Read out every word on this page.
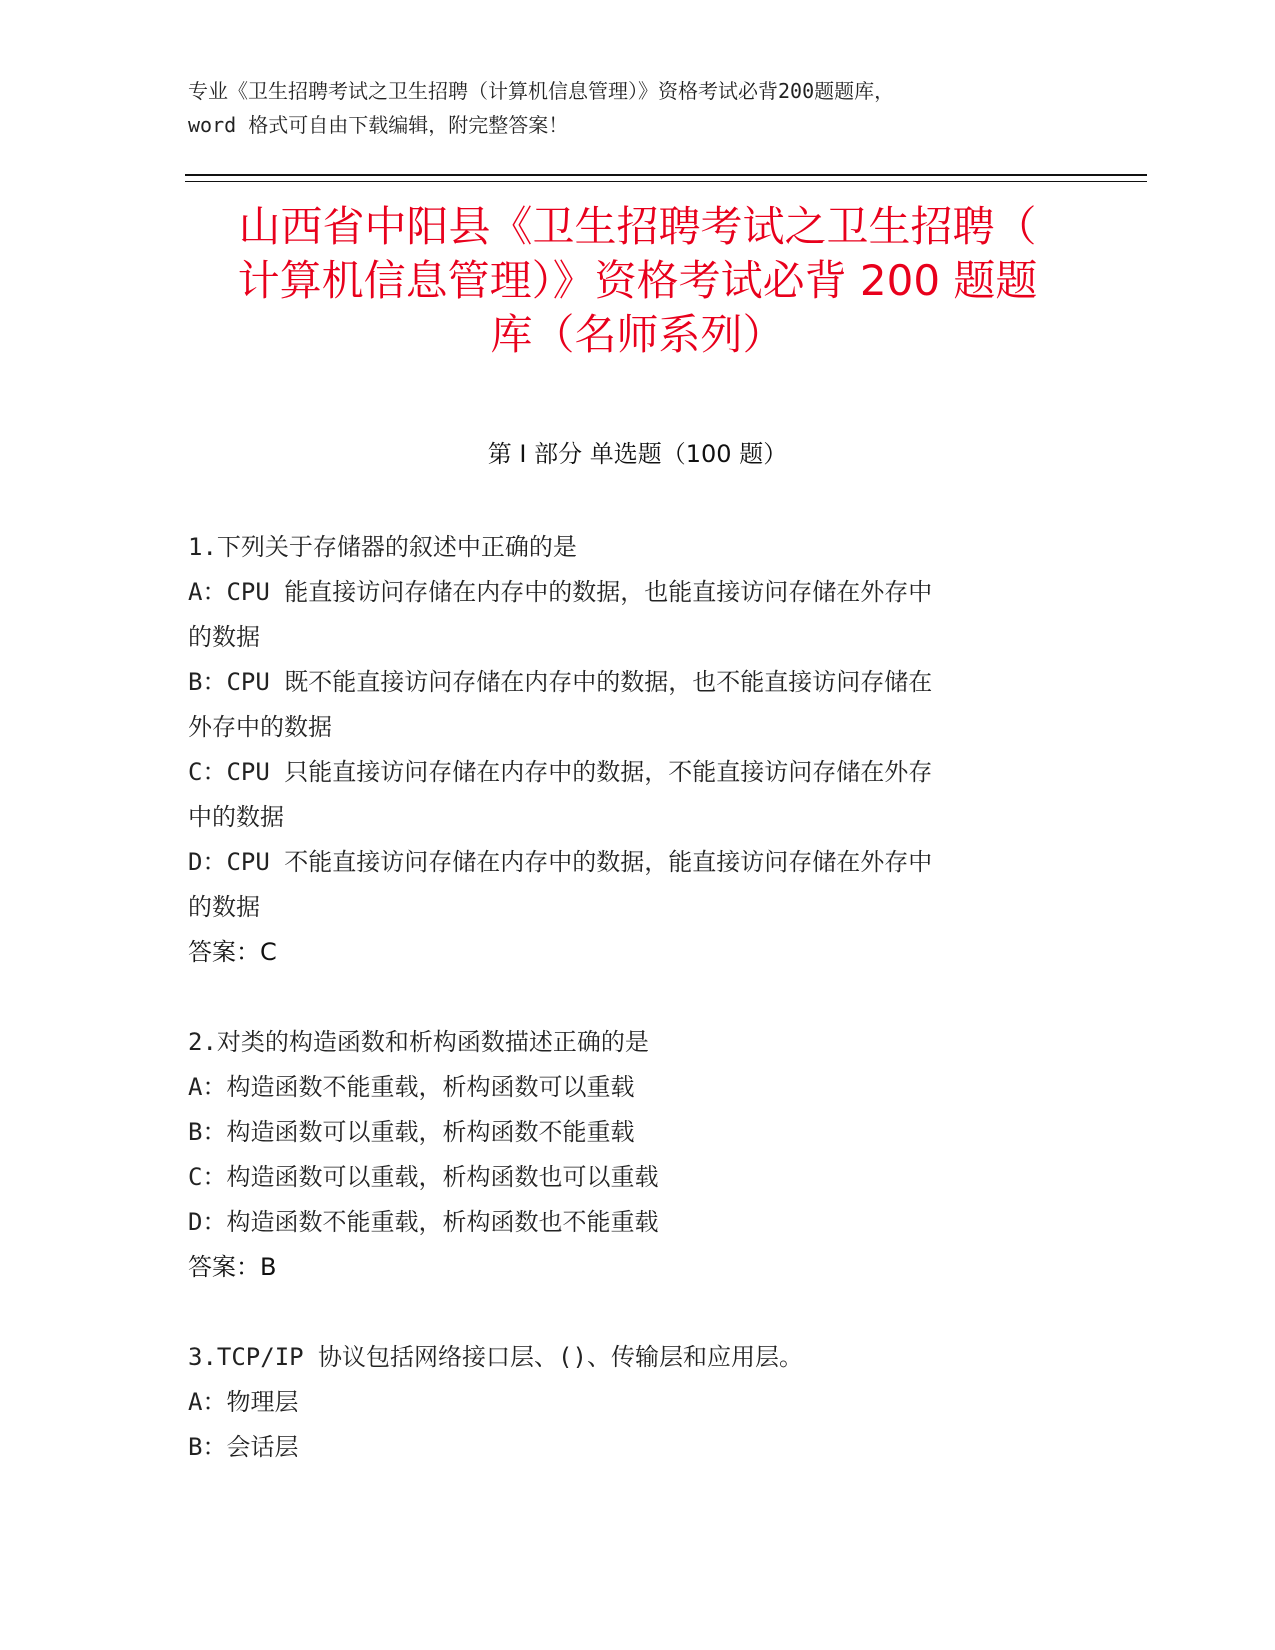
专业《卫生招聘考试之卫生招聘（计算机信息管理）》资格考试必背200题题库，
word 格式可自由下载编辑，附完整答案！
山西省中阳县《卫生招聘考试之卫生招聘（
计算机信息管理）》资格考试必背 200 题题
库（名师系列）
第 I 部分 单选题（100 题）
1.下列关于存储器的叙述中正确的是
A：CPU 能直接访问存储在内存中的数据，也能直接访问存储在外存中
的数据
B：CPU 既不能直接访问存储在内存中的数据，也不能直接访问存储在
外存中的数据
C：CPU 只能直接访问存储在内存中的数据，不能直接访问存储在外存
中的数据
D：CPU 不能直接访问存储在内存中的数据，能直接访问存储在外存中
的数据
答案：C
2.对类的构造函数和析构函数描述正确的是
A：构造函数不能重载，析构函数可以重载
B：构造函数可以重载，析构函数不能重载
C：构造函数可以重载，析构函数也可以重载
D：构造函数不能重载，析构函数也不能重载
答案：B
3.TCP/IP 协议包括网络接口层、()、传输层和应用层。
A：物理层
B：会话层
